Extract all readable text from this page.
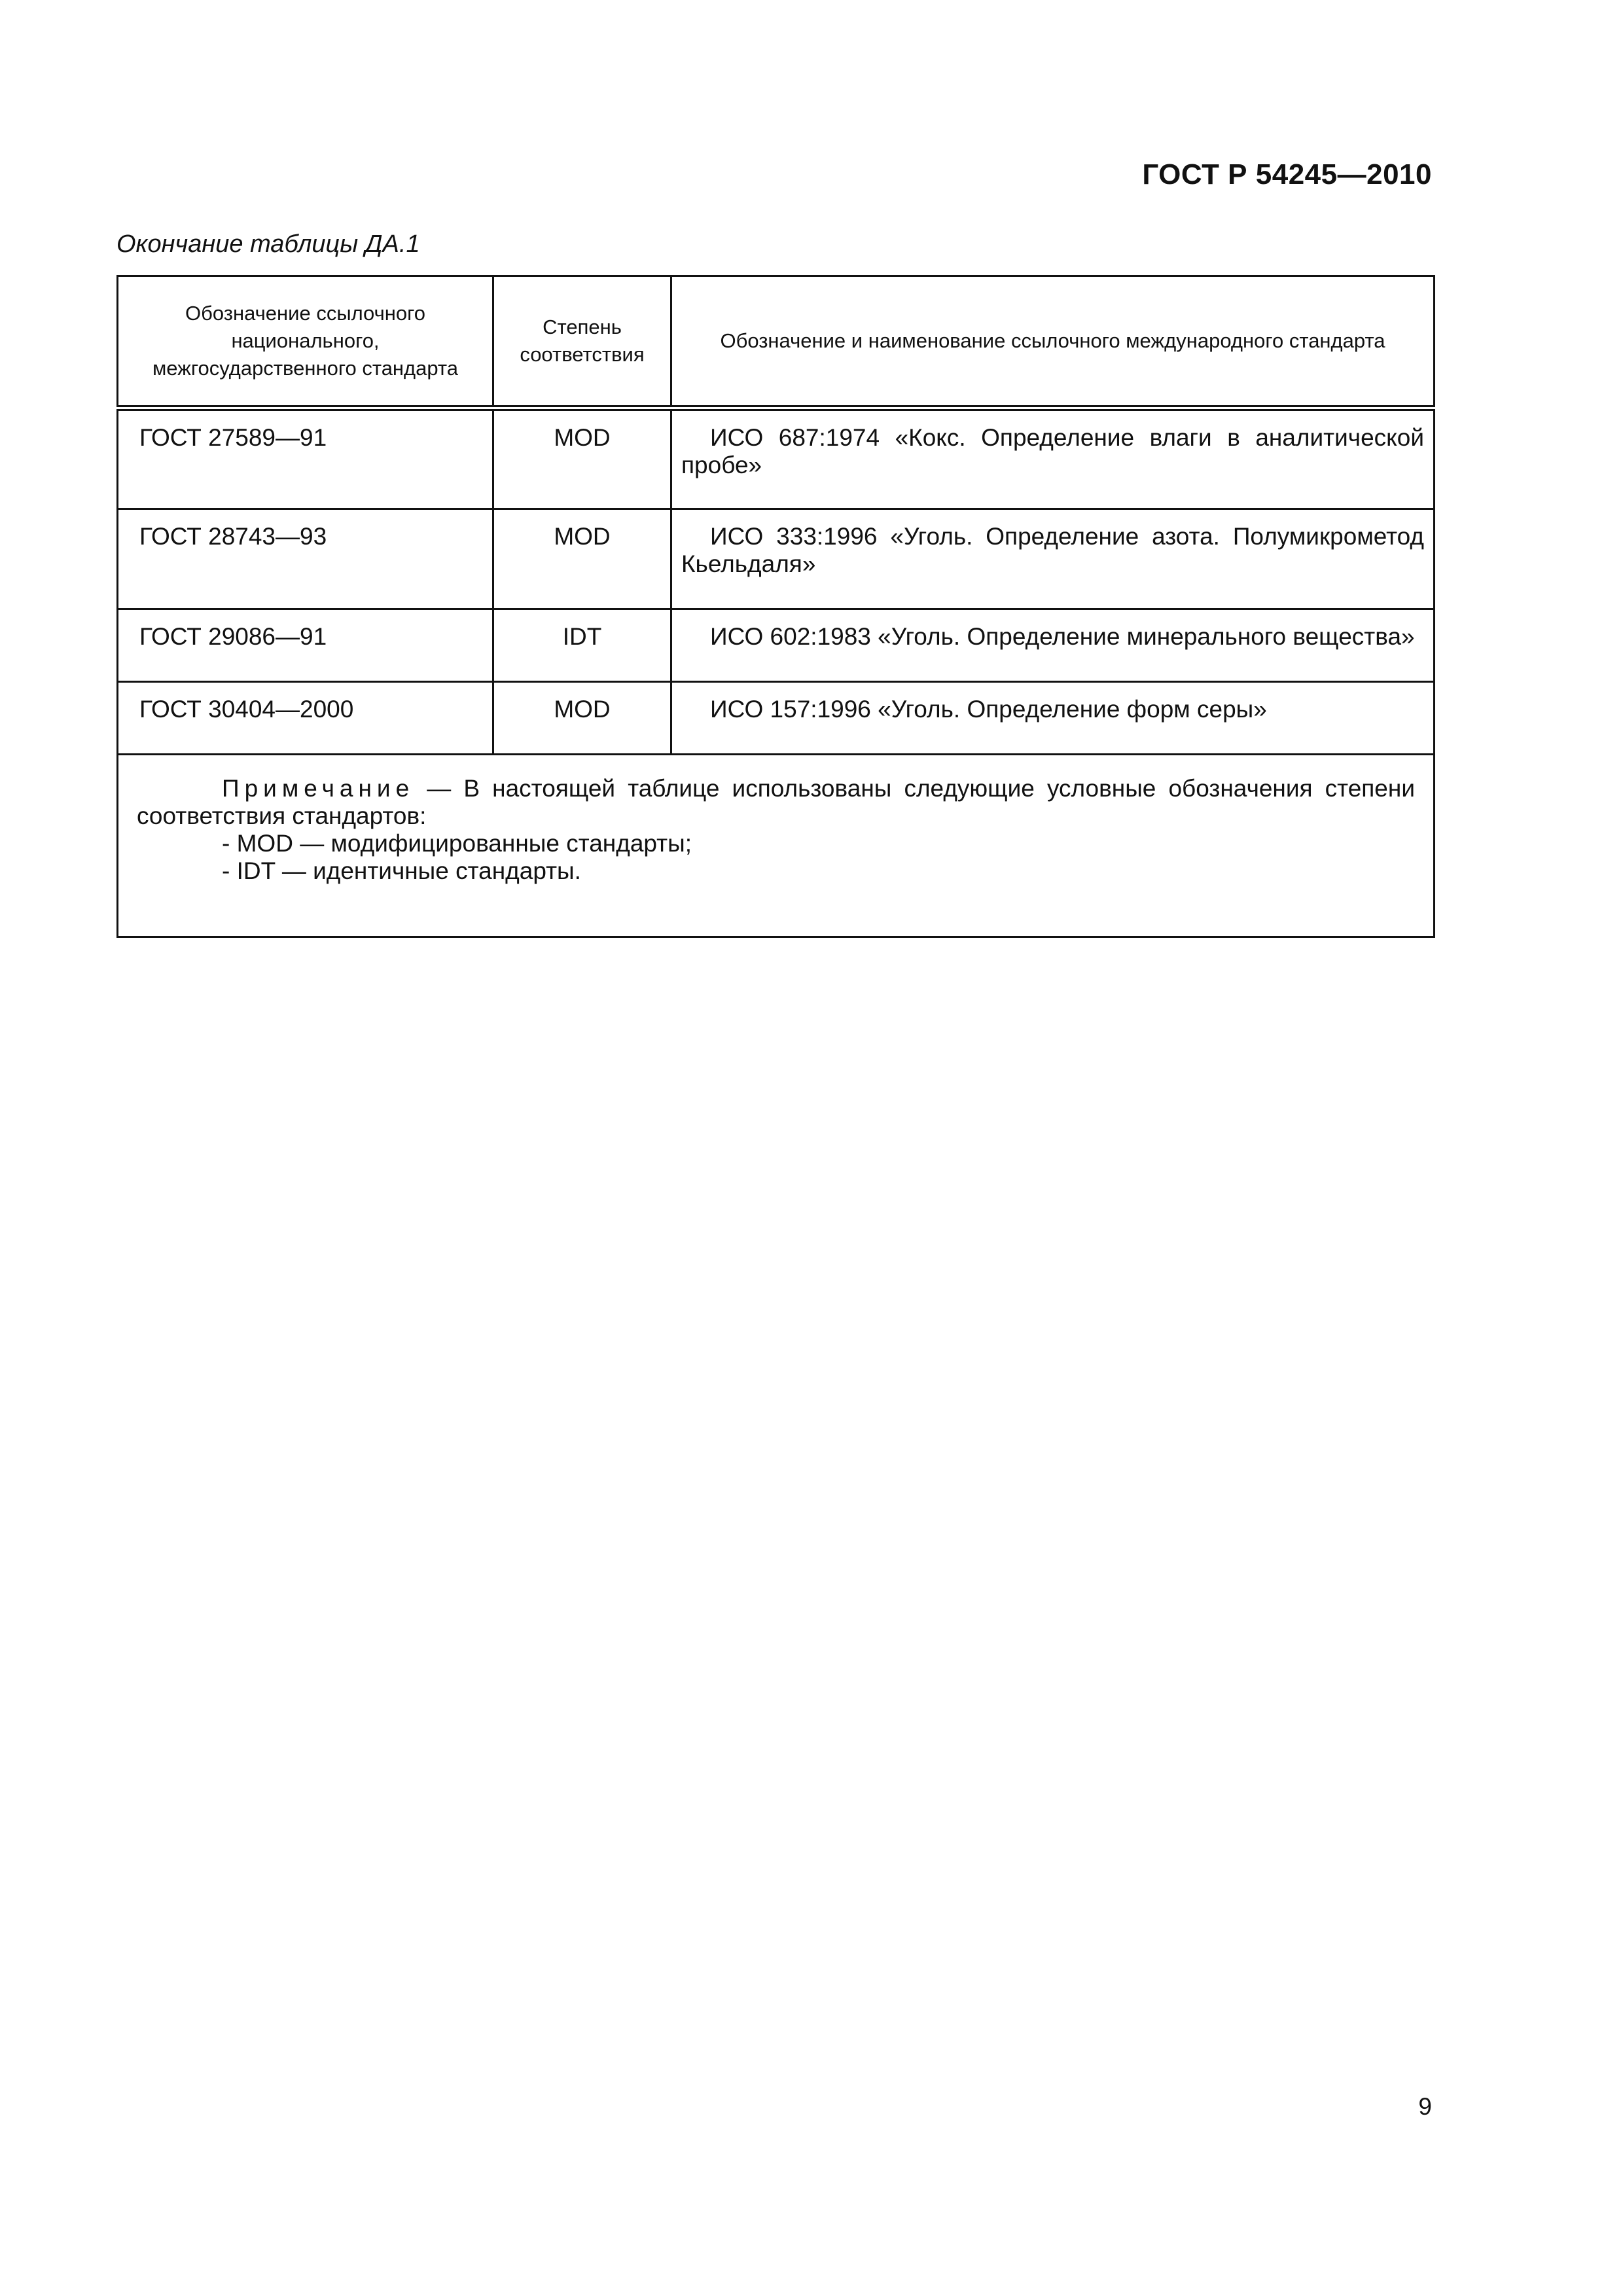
ГОСТ Р 54245—2010
Окончание таблицы ДА.1
Обозначение ссылочного национального, межгосударственного стандарта	Степень соответствия	Обозначение и наименование ссылочного международного стандарта
ГОСТ 27589—91	MOD	ИСО 687:1974 «Кокс. Определение влаги в аналитической пробе»
ГОСТ 28743—93	MOD	ИСО 333:1996 «Уголь. Определение азота. Полумикрометод Кьельдаля»
ГОСТ 29086—91	IDT	ИСО 602:1983 «Уголь. Определение минерального вещества»
ГОСТ 30404—2000	MOD	ИСО 157:1996 «Уголь. Определение форм серы»

Примечание — В настоящей таблице использованы следующие условные обозначения степени соответствия стандартов:
- MOD — модифицированные стандарты;
- IDT — идентичные стандарты.		
9
